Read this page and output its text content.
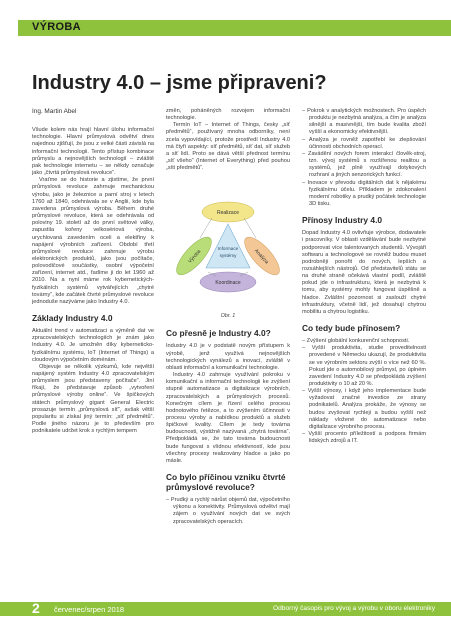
VÝROBA
Industry 4.0 – jsme připraveni?
Ing. Martin Abel

Všude kolem nás hrají hlavní úlohu informační technologie. Hlavní průmyslová odvětví dnes najednou zjišťují, že jsou z velké části závislá na informační technologii. Tento přístup kombinace průmyslu a nejnovějších technologií – zvláště pak technologie internetu – se někdy označuje jako „čtvrtá průmyslová revoluce“.

Vraťme se do historie a zjistíme, že první průmyslová revoluce zahrnuje mechanickou výrobu, jako je železnice a parní stroj v letech 1760 až 1840, odehrávala se v Anglii, kde byla zavedena průmyslová výroba. Během druhé průmyslové revoluce, která se odehrávala od poloviny 19. století až do první světové války, zapustila kořeny velkosériová výroba, urychlovaná zavedením oceli a elektřiny k napájení výrobních zařízení. Období třetí průmyslové revoluce zahrnuje výrobu elektronických produktů, jako jsou počítače, polovodičové součástky, osobní výpočetní zařízení, internet atd., řadíme ji do let 1960 až 2010. Na a nyní máme rok kybernetických-fyzikálních systémů vytvářejících „chytré továrny“, kde začátek čtvrté průmyslové revoluce jednoduše nazýváme jako Industry 4.0.

Základy Industry 4.0

Aktuální trend v automatizaci a výměně dat ve zpracovatelských technologiích je znám jako Industry 4.0. Je umožněn díky kybernetickо-fyzikálnímu systému, IoT (Internet of Things) a cloudovým výpočetním doménám.

Objevuje se několik výzkumů, kde největší napájený systém Industry 4.0 zpracovatelským průmyslem jsou představeny počítače“. Jiní říkají, že představuje způsob „vytvoření průmyslové výroby online“. Ve špičkových státech průmyslový gigant General Electric prosazuje termín „průmyslová síť“, avšak větší popularitu si získal jiný termín: „síť předmětů“. Podle jiného názoru je to především pro podnikatele udržet krok s rychlým tempem

změn, poháněných rozvojem informační technologie.

Termín IoT – Internet of Things, česky „síť předmětů“, používaný mnoha odborníky, není zcela vypovídající, protože prostředí Industry 4.0 má čtyři aspekty: síť předmětů, síť dat, síť služeb a síť lidí. Proto se dává větší přednost termínu „síť všeho“ (Internet of Everything) před pouhou „síti předmětů“.

Realizace
Výroba	Analýza
Koordinace
Informace
systémy
Obr. 1
Co přesně je Industry 4.0?

Industry 4.0 je v podstatě novým přístupem k výrobě, jenž využívá nejnovějších technologických vynálezů a inovací, zvláště v oblasti informační a komunikační technologie.

Industry 4.0 zahrnuje využívání pokroku v komunikační a informační technologii ke zvýšení stupně automatizace a digitalizace výrobních, zpracovatelských a průmyslových procesů. Konečným cílem je řízení celého procesu hodnotového řetězce, a to zvýšením účinnosti v procesu výroby a nabídkou produktů a služeb špičkové kvality. Cílem je tedy továrna budoucnosti, výstižně nazývaná „chytrá továrna“. Předpokládá se, že tato továrna budoucnosti bude fungovat s vlídnou efektivností, kde jsou všechny procesy realizovány hladce a jako po másle.

Co bylo příčinou vzniku čtvrté průmyslové revoluce?
– Prudký a rychlý nárůst objemů dat, výpočetního výkonu a konektivity. Průmyslová odvětví mají zájem o využívání nových dat ve svých zpracovatelských operacích.
– Pokrok v analytických možnostech. Pro úspěch produktu je nezbytná analýza, a čím je analýza silnější a masivnější, tím bude kvalita zboží vyšší a ekonomicky efektivnější.
– Analýza je rovněž zapotřebí ke zlepšování účinnosti obchodních operací.
– Zavádění nových forem interakcí člověk-stroj, tzn. vývoj systémů s rozšířenou realitou a systémů, jež plně využívají dotykových rozhraní a jiných senzorických funkcí.
– Inovace v převodu digitálních dat k nějakému fyzikálnímu účelu. Příkladem je zdokonalení moderní robotiky a prudký počátek technologie 3D tisku.
Přínosy Industry 4.0

Dopad Industry 4.0 ovlivňuje výrobce, dodavatele i pracovníky. V oblasti vzdělávání bude nezbytné podporovat více talentovaných studentů. Vývojáři softwaru a technologové se rovněž budou muset podrobněji ponořit do nových, lepších a rozsáhlejších nástrojů. Od představitelů státu se na druhé straně očekává vlastní podíl, zvláště pokud jde o infrastrukturu, která je nezbytná k tomu, aby systémy mohly fungovat úspěšně a hladce. Zvláštní pozornost si zaslouží chytré infrastruktury, včetně lidí, jež dosahují chytrou mobilitu a chytrou logistiku.

Co tedy bude přínosem?
– Zvýšení globální konkurenční schopnosti.
– Vyšší produktivita, studie proveditelnosti provedené v Německu ukazují, že produktivita se ve výrobním sektoru zvýší o více než 60 %. Pokud jde o automobilový průmysl, po úplném zavedení Industry 4.0 se předpokládá zvýšení produktivity o 10 až 20 %.
– Vyšší výnosy, i když jeho implementace bude vyžadovat značné investice ze strany podnikatelů. Analýza prokáže, že výnosy se budou zvyšovat rychleji a budou vyšší než náklady vložené do automatizace nebo digitalizace výrobního procesu.
– Vyšší procento příležitostí a podpora firmám lidských zdrojů a IT.
2 červenec/srpen 2018	Odborný časopis pro vývoj a výrobu v oboru elektroniky
